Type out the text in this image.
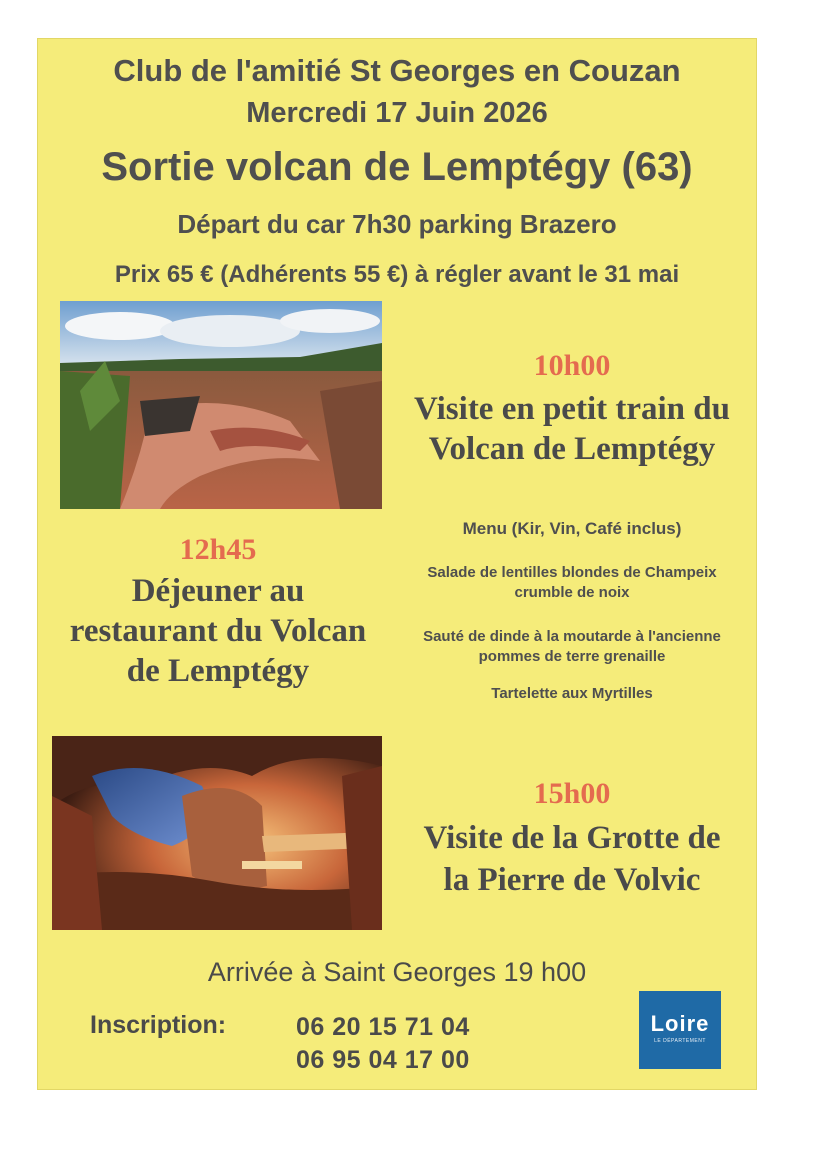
Club de l'amitié St Georges en Couzan
Mercredi 17 Juin 2026
Sortie volcan de Lemptégy (63)
Départ du car 7h30 parking Brazero
Prix 65 € (Adhérents 55 €) à régler avant le 31 mai
10h00
Visite en petit train du
Volcan de Lemptégy
12h45
Déjeuner au
restaurant du Volcan
de Lemptégy
Menu (Kir, Vin, Café inclus)
Salade de lentilles blondes de Champeix
crumble de noix
Sauté de dinde à la moutarde à l'ancienne
pommes de terre grenaille
Tartelette aux Myrtilles
15h00
Visite de la Grotte de
la Pierre de Volvic
Arrivée à Saint Georges 19 h00
Inscription:	06 20 15 71 04
06 95 04 17 00
Loire
LE DÉPARTEMENT
